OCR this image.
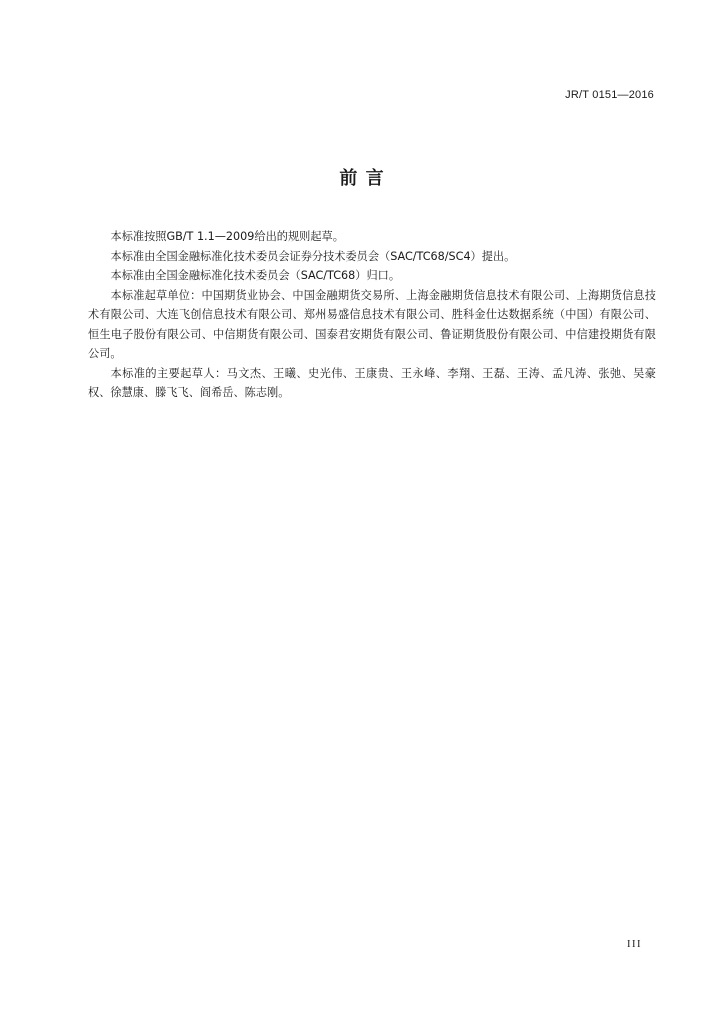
JR/T 0151—2016
前 言

本标准按照GB/T 1.1—2009给出的规则起草。

本标准由全国金融标准化技术委员会证券分技术委员会（SAC/TC68/SC4）提出。

本标准由全国金融标准化技术委员会（SAC/TC68）归口。

本标准起草单位：中国期货业协会、中国金融期货交易所、上海金融期货信息技术有限公司、上海期货信息技术有限公司、大连飞创信息技术有限公司、郑州易盛信息技术有限公司、胜科金仕达数据系统（中国）有限公司、恒生电子股份有限公司、中信期货有限公司、国泰君安期货有限公司、鲁证期货股份有限公司、中信建投期货有限公司。

本标准的主要起草人：马文杰、王曦、史光伟、王康贵、王永峰、李翔、王磊、王涛、孟凡涛、张弛、吴豪权、徐慧康、滕飞飞、阎希岳、陈志刚。

III
